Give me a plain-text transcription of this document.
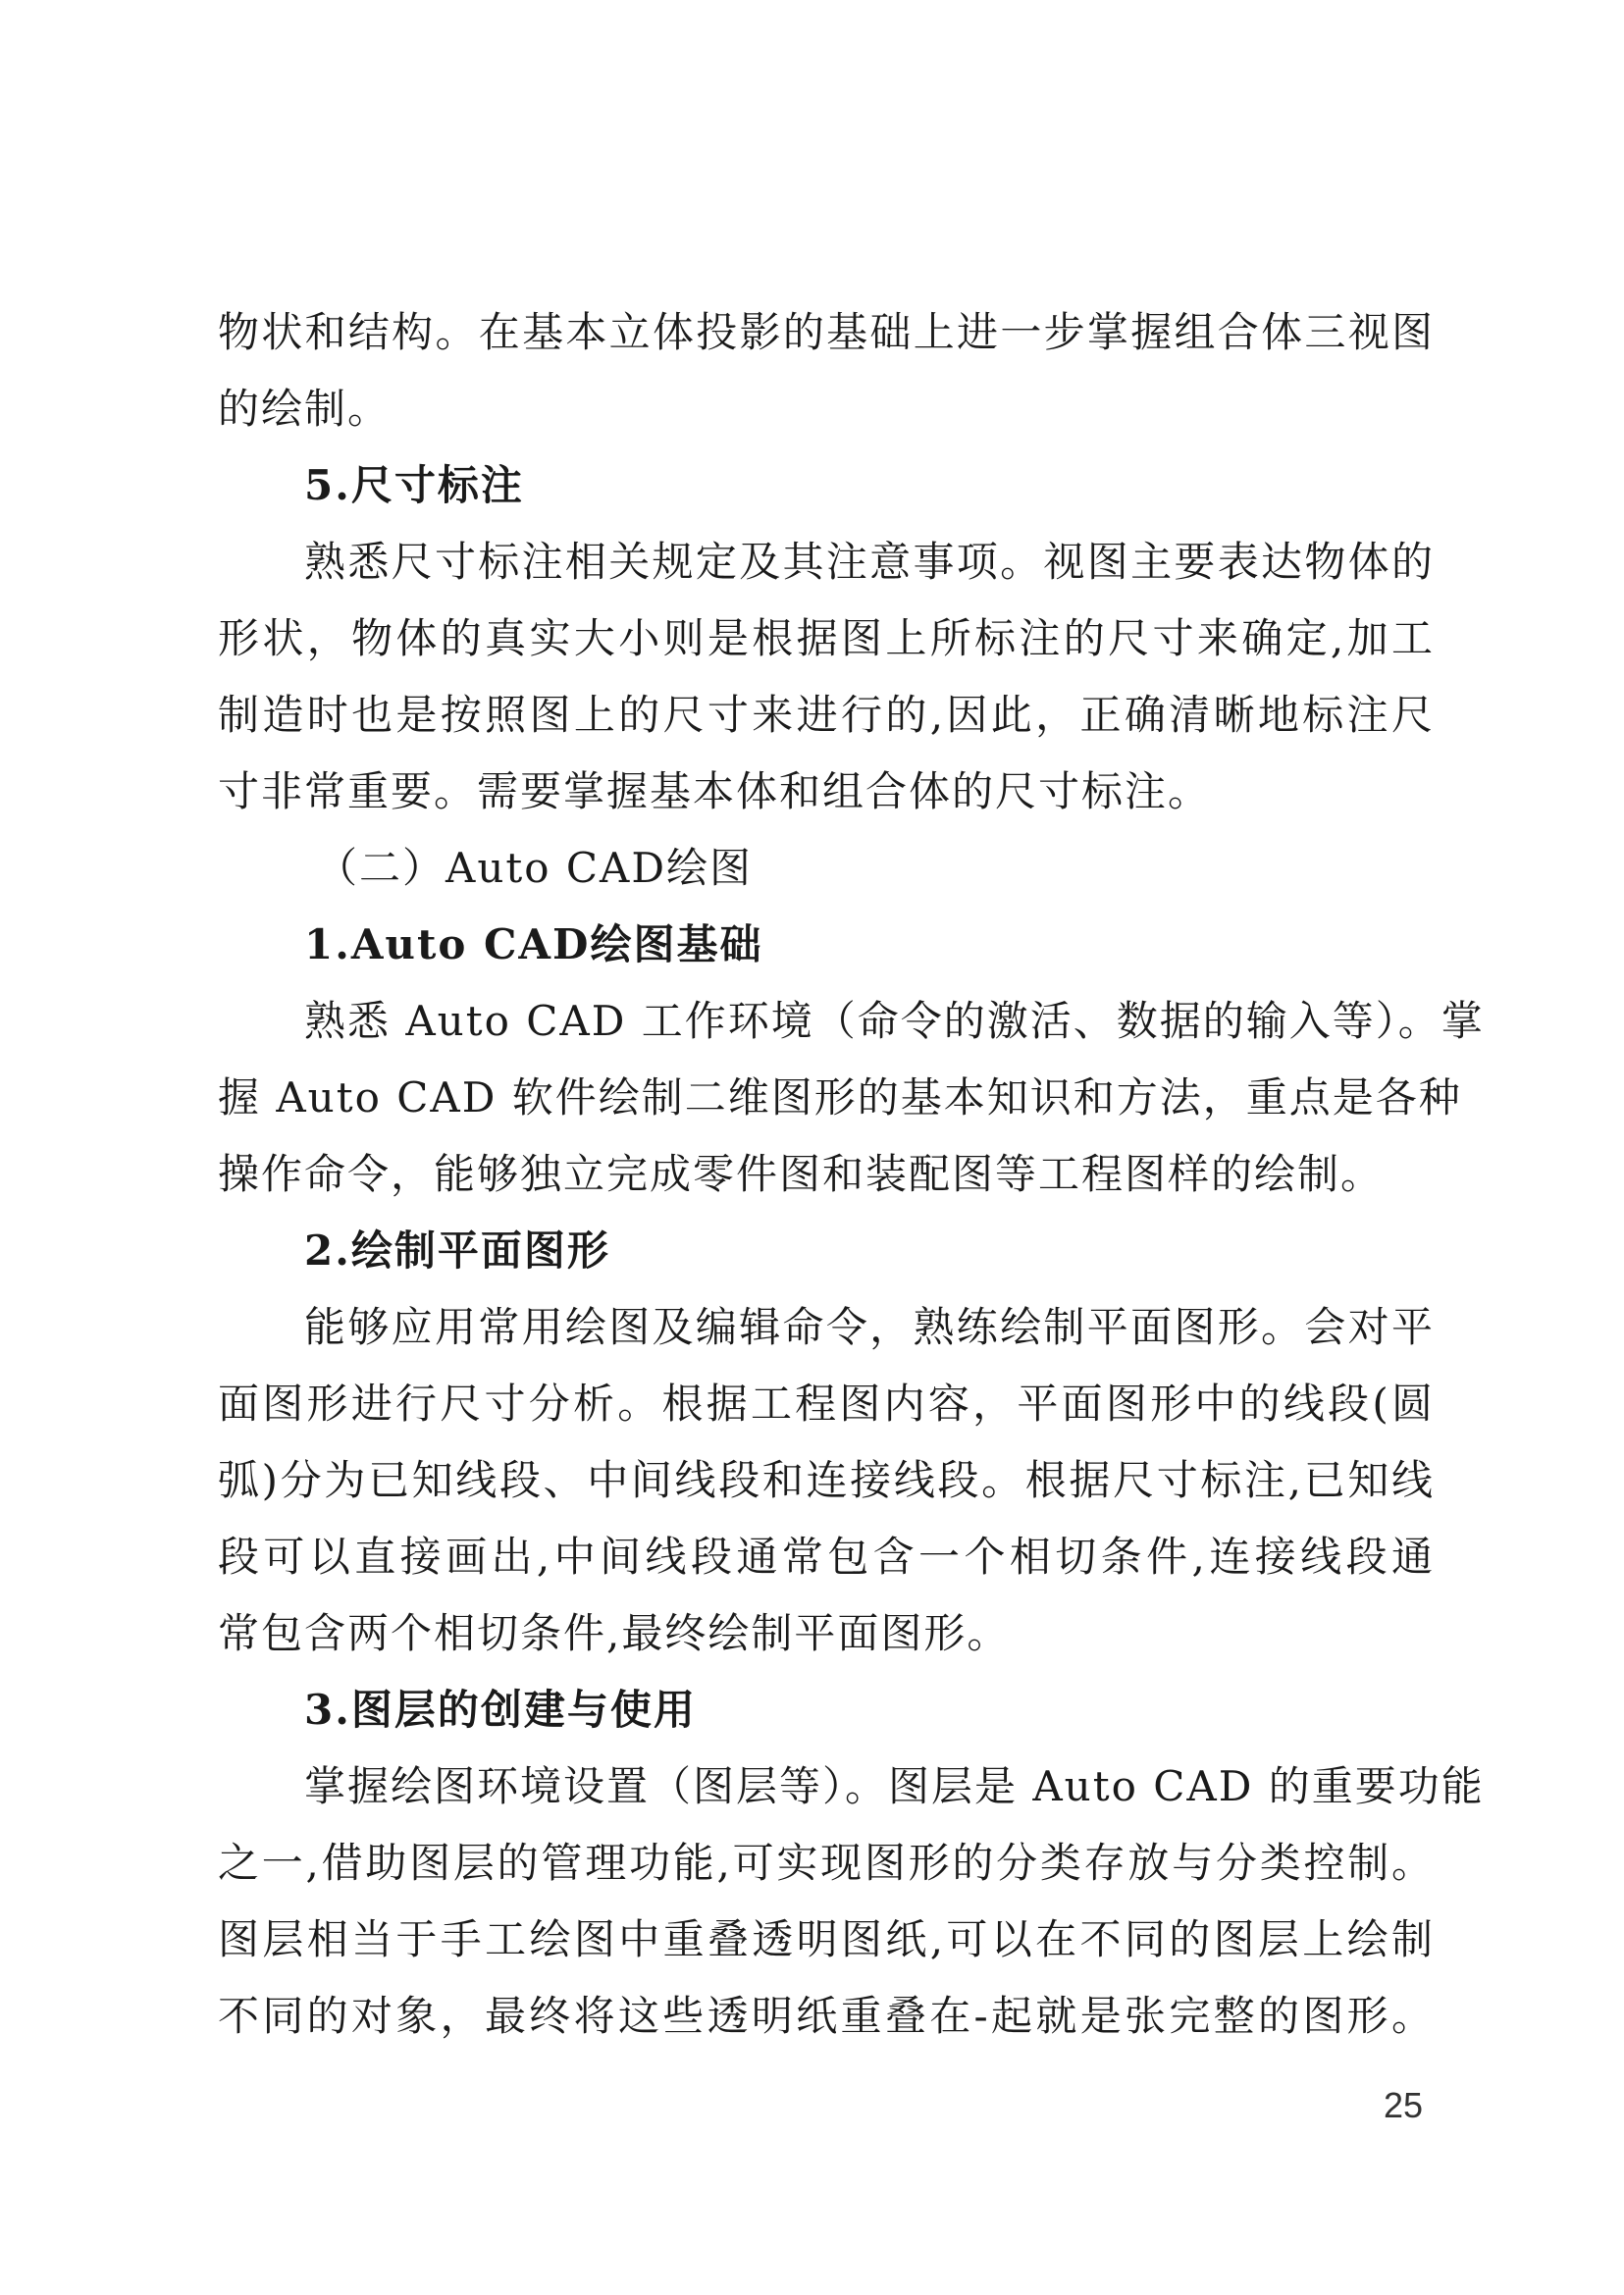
物状和结构。在基本立体投影的基础上进一步掌握组合体三视图
的绘制。
5.尺寸标注
熟悉尺寸标注相关规定及其注意事项。视图主要表达物体的
形状，物体的真实大小则是根据图上所标注的尺寸来确定,加工
制造时也是按照图上的尺寸来进行的,因此，正确清晰地标注尺
寸非常重要。需要掌握基本体和组合体的尺寸标注。
（二）Auto CAD绘图
1.Auto CAD绘图基础
熟悉 Auto CAD 工作环境（命令的激活、数据的输入等）。掌
握 Auto CAD 软件绘制二维图形的基本知识和方法，重点是各种
操作命令，能够独立完成零件图和装配图等工程图样的绘制。
2.绘制平面图形
能够应用常用绘图及编辑命令，熟练绘制平面图形。会对平
面图形进行尺寸分析。根据工程图内容，平面图形中的线段(圆
弧)分为已知线段、中间线段和连接线段。根据尺寸标注,已知线
段可以直接画出,中间线段通常包含一个相切条件,连接线段通
常包含两个相切条件,最终绘制平面图形。
3.图层的创建与使用
掌握绘图环境设置（图层等）。图层是 Auto CAD 的重要功能
之一,借助图层的管理功能,可实现图形的分类存放与分类控制。
图层相当于手工绘图中重叠透明图纸,可以在不同的图层上绘制
不同的对象，最终将这些透明纸重叠在-起就是张完整的图形。
25
